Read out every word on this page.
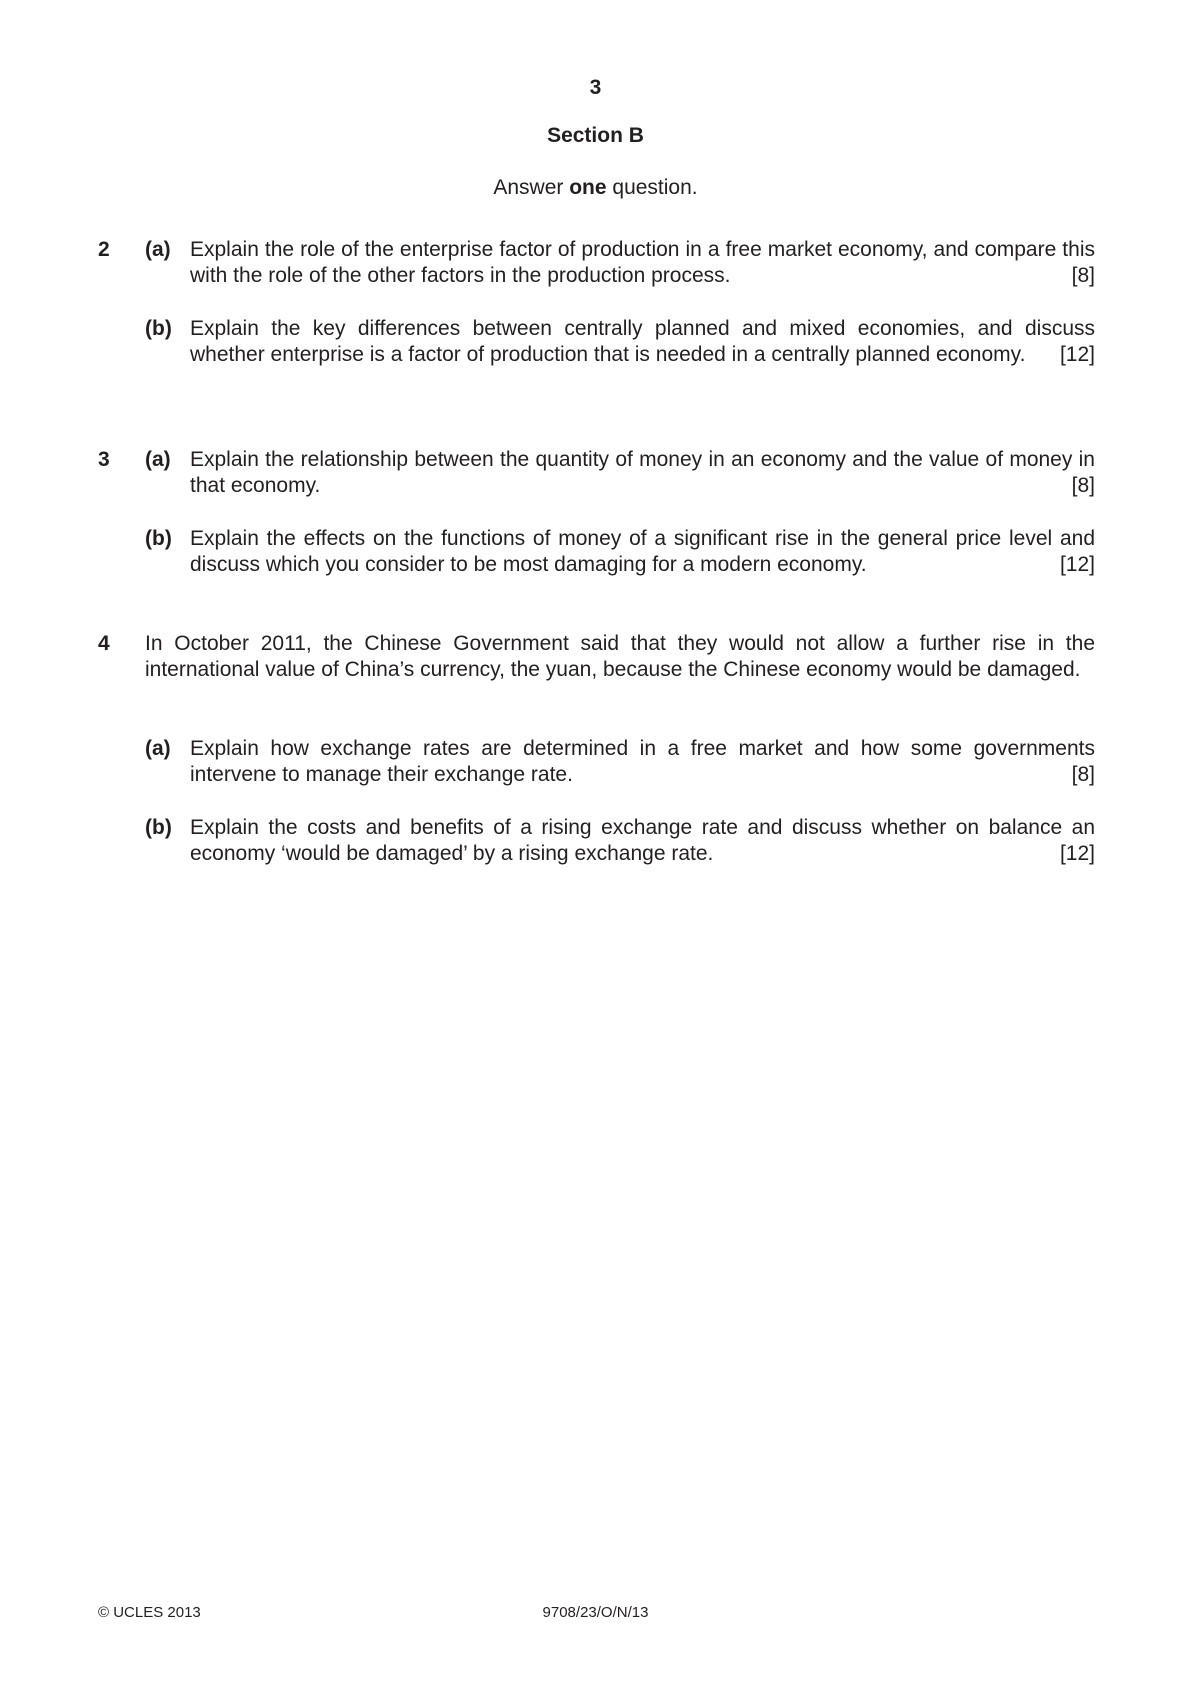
3
Section B
Answer one question.
2	(a) Explain the role of the enterprise factor of production in a free market economy, and compare this with the role of the other factors in the production process.	[8]
(b) Explain the key differences between centrally planned and mixed economies, and discuss whether enterprise is a factor of production that is needed in a centrally planned economy. [12]
3	(a) Explain the relationship between the quantity of money in an economy and the value of money in that economy.	[8]
(b) Explain the effects on the functions of money of a significant rise in the general price level and discuss which you consider to be most damaging for a modern economy.	[12]
4	In October 2011, the Chinese Government said that they would not allow a further rise in the international value of China’s currency, the yuan, because the Chinese economy would be damaged.
(a) Explain how exchange rates are determined in a free market and how some governments intervene to manage their exchange rate.	[8]
(b) Explain the costs and benefits of a rising exchange rate and discuss whether on balance an economy ‘would be damaged’ by a rising exchange rate.	[12]
© UCLES 2013	9708/23/O/N/13
